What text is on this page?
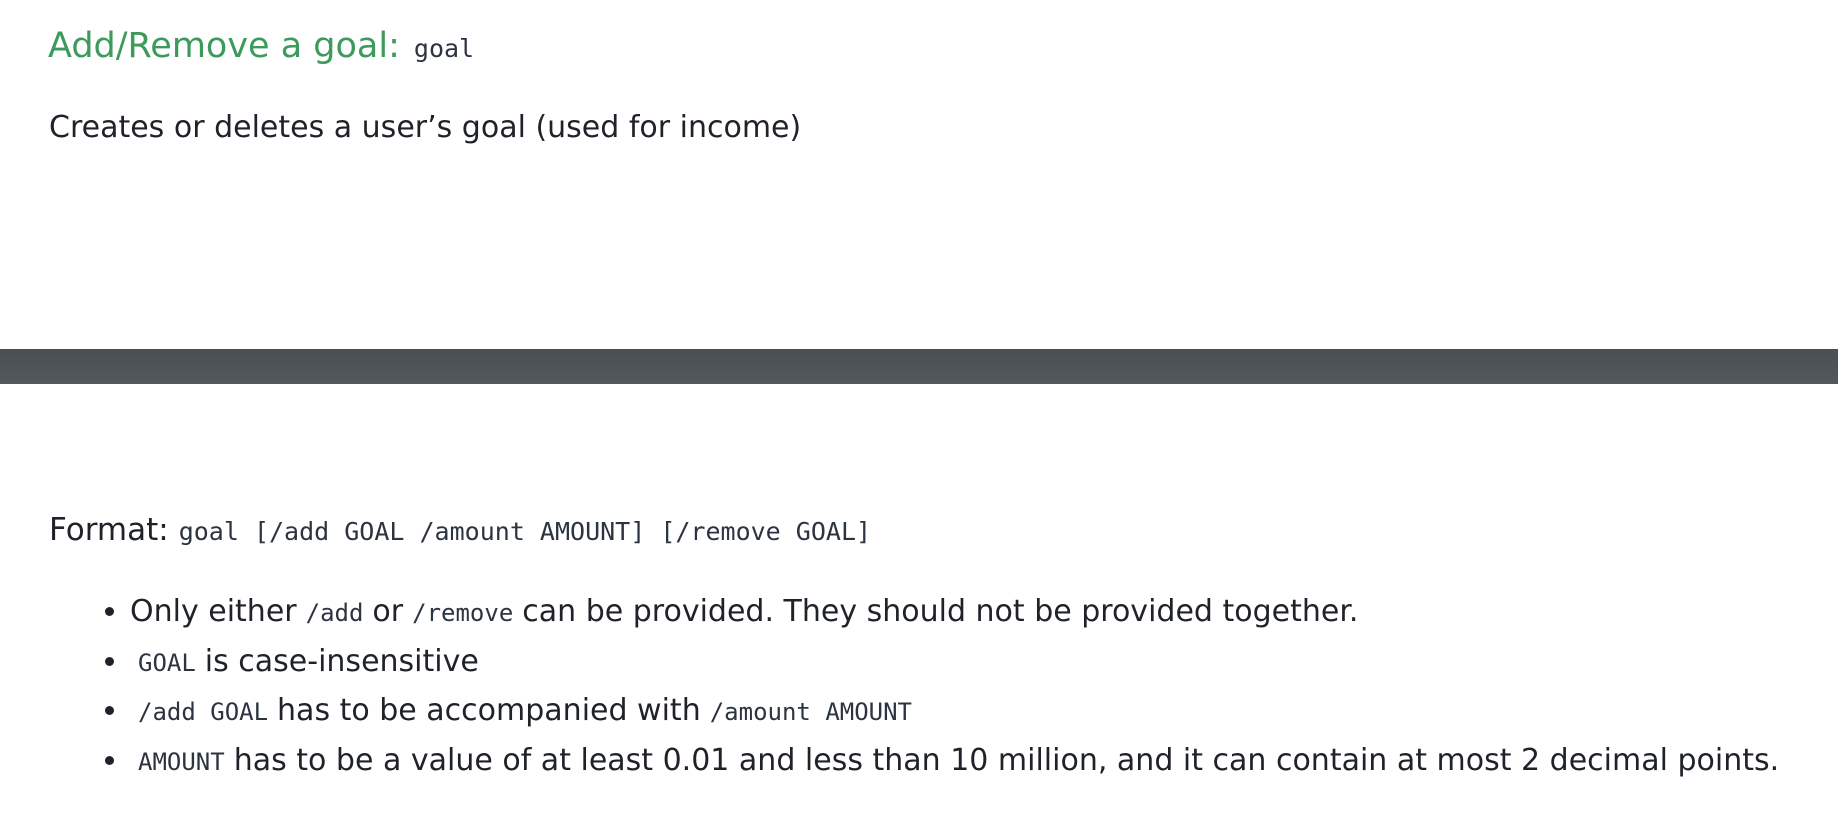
Add/Remove a goal: goal

Creates or deletes a user’s goal (used for income)

Format: goal [/add GOAL /amount AMOUNT] [/remove GOAL]

• Only either /add or /remove can be provided. They should not be provided together.
• GOAL is case-insensitive
• /add GOAL has to be accompanied with /amount AMOUNT
• AMOUNT has to be a value of at least 0.01 and less than 10 million, and it can contain at most 2 decimal points.
